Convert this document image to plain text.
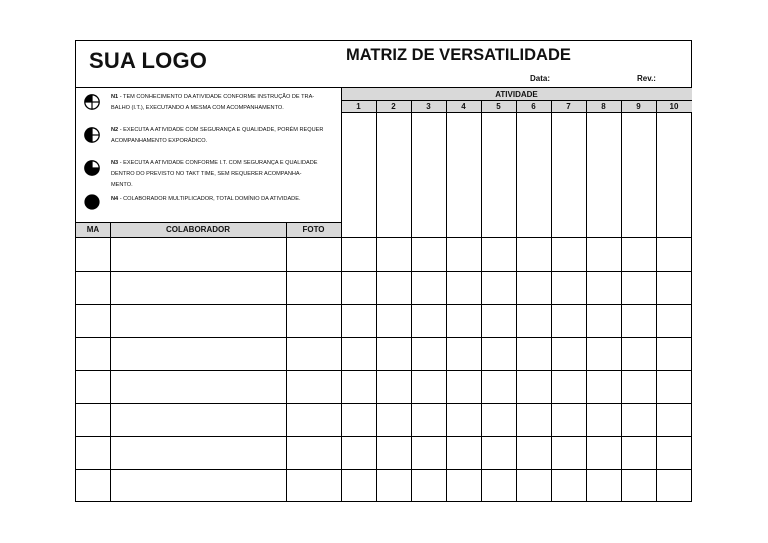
SUA LOGO	MATRIZ DE VERSATILIDADE
Data:	Rev.:
N1 - TEM CONHECIMENTO DA ATIVIDADE CONFORME INSTRUÇÃO DE TRA-
BALHO (I.T.), EXECUTANDO A MESMA COM ACOMPANHAMENTO.
N2 - EXECUTA A ATIVIDADE COM SEGURANÇA E QUALIDADE, PORÉM REQUER
ACOMPANHAMENTO EXPORÁDICO.
N3 - EXECUTA A ATIVIDADE CONFORME I.T. COM SEGURANÇA E QUALIDADE
DENTRO DO PREVISTO NO TAKT TIME, SEM REQUERER ACOMPANHA-
MENTO.
N4 - COLABORADOR MULTIPLICADOR, TOTAL DOMÍNIO DA ATIVIDADE.
ATIVIDADE
1	2	3	4	5	6	7	8	9	10
MA	COLABORADOR	FOTO
